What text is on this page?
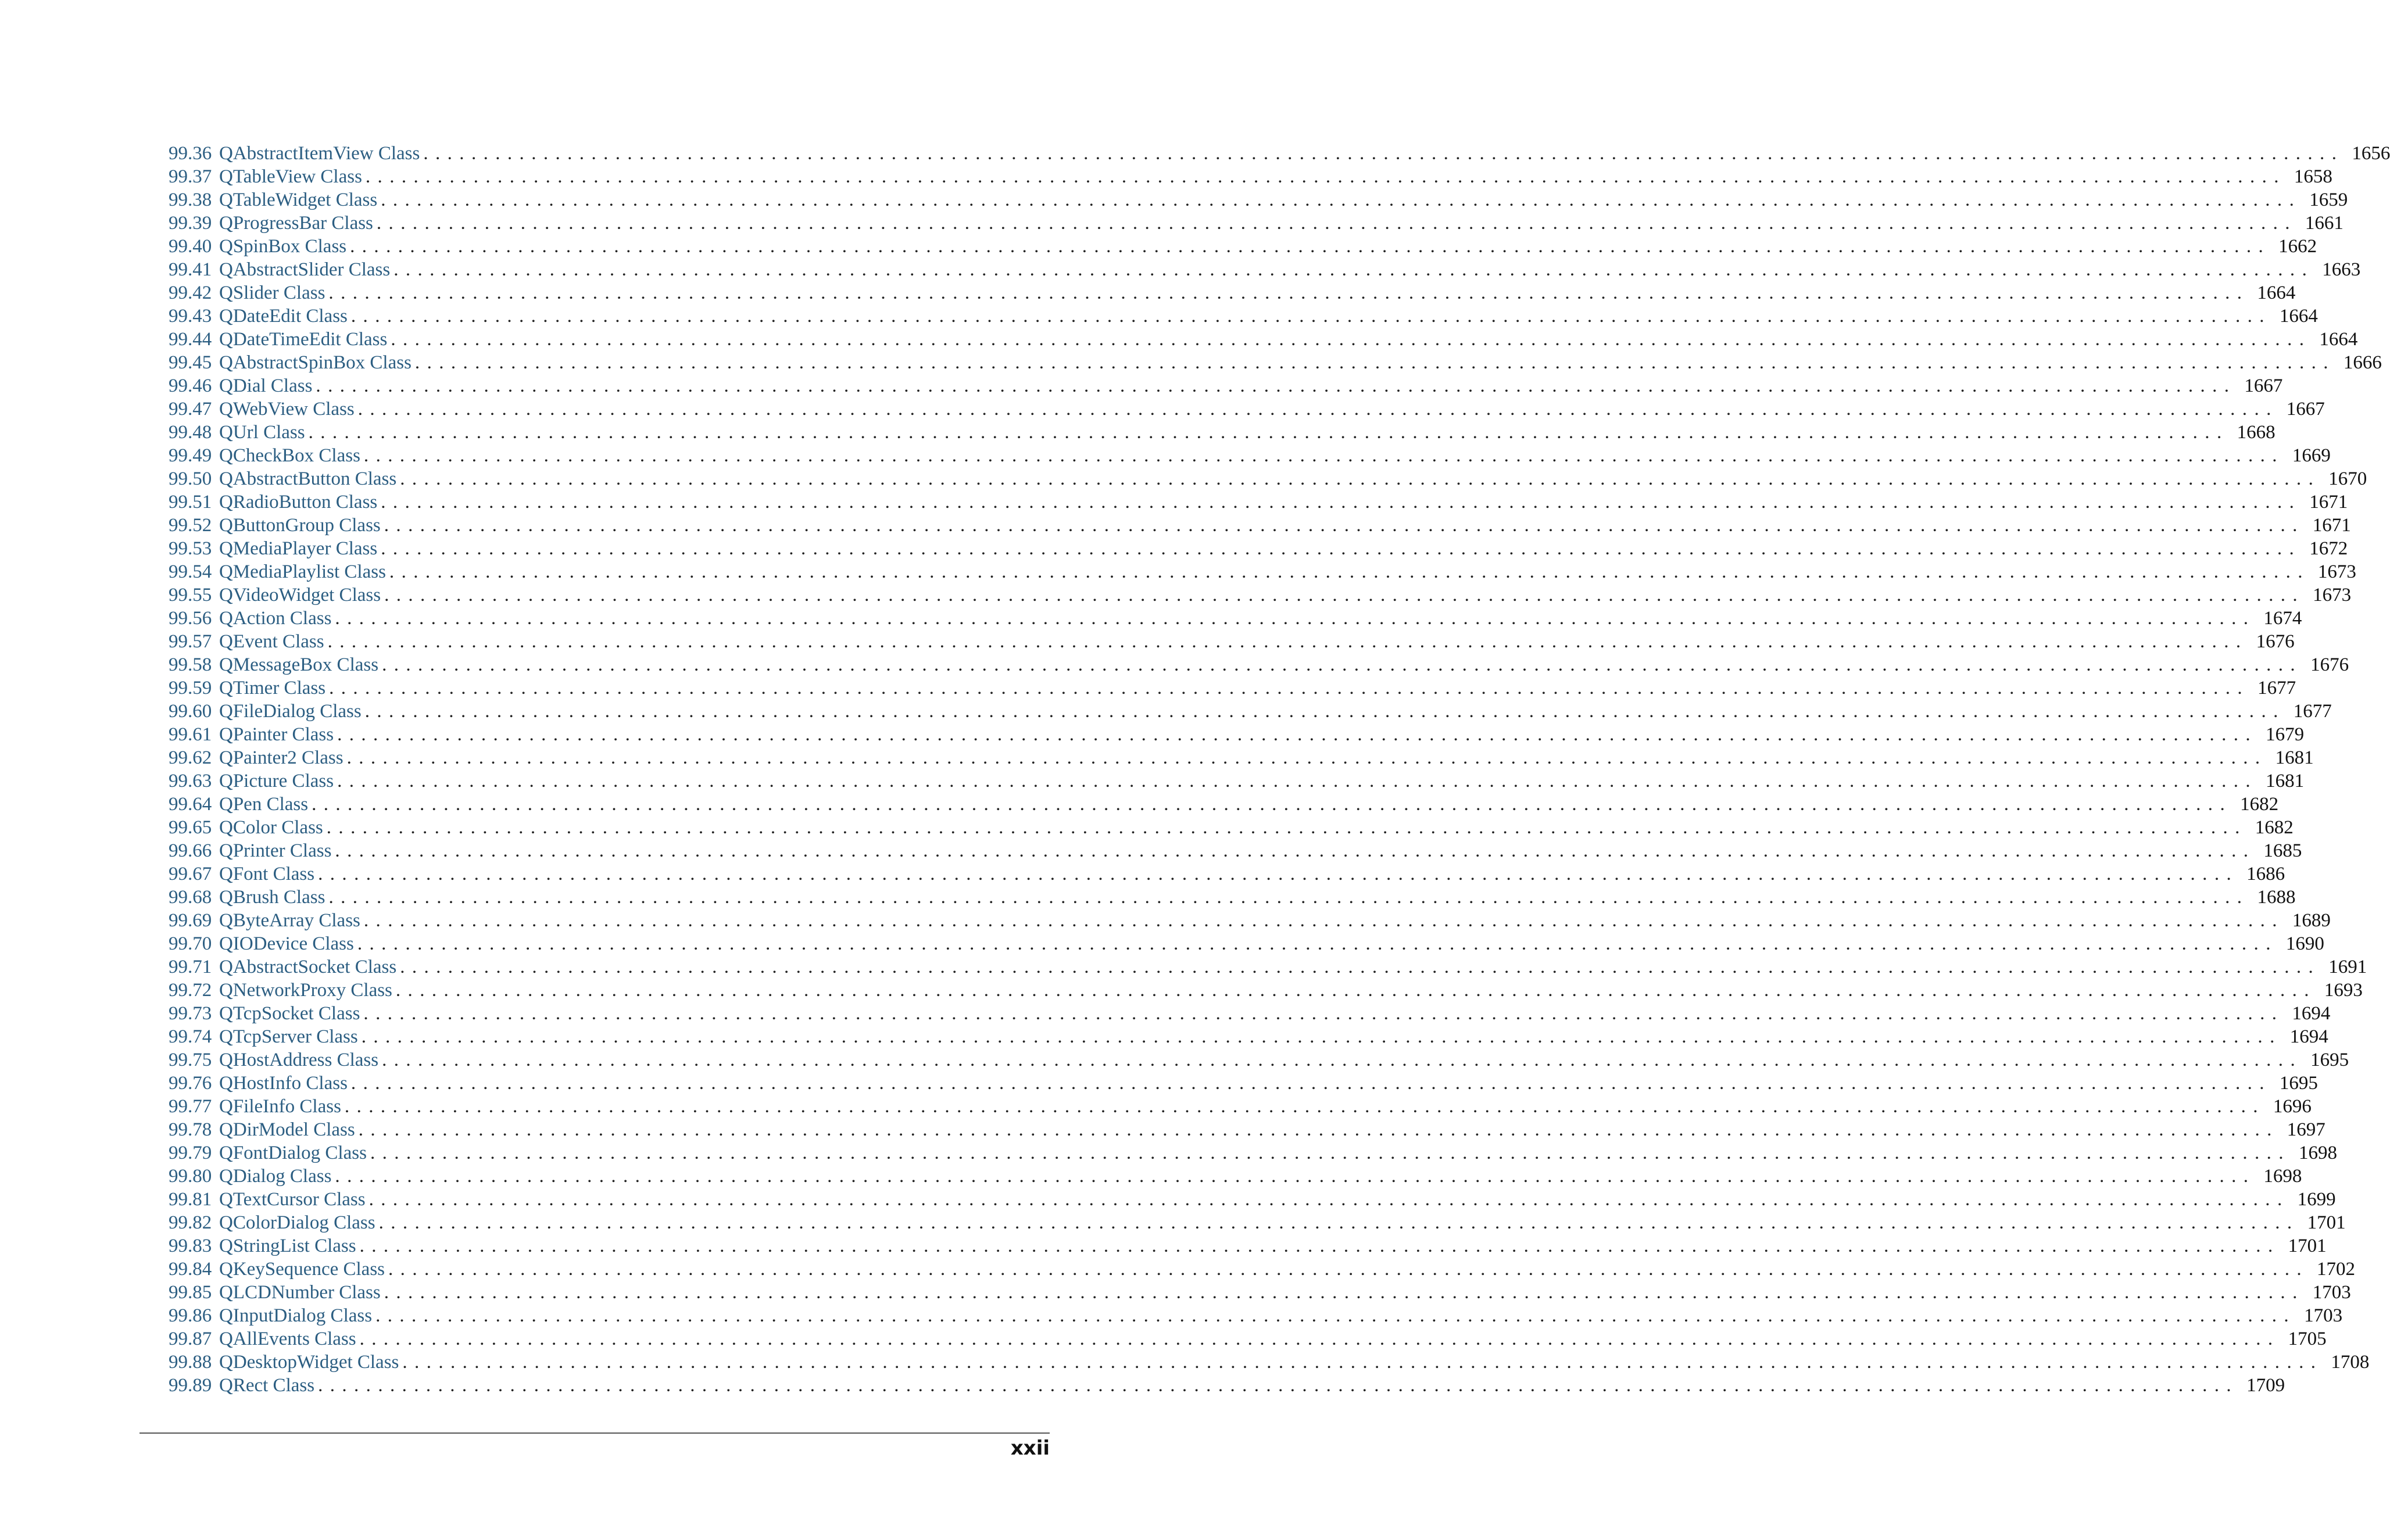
99.36 QAbstractItemView Class ................................................................................................................................................................ 1656
99.37 QTableView Class ................................................................................................................................................................ 1658
99.38 QTableWidget Class ................................................................................................................................................................ 1659
99.39 QProgressBar Class ................................................................................................................................................................ 1661
99.40 QSpinBox Class ................................................................................................................................................................ 1662
99.41 QAbstractSlider Class ................................................................................................................................................................ 1663
99.42 QSlider Class ................................................................................................................................................................ 1664
99.43 QDateEdit Class ................................................................................................................................................................ 1664
99.44 QDateTimeEdit Class ................................................................................................................................................................ 1664
99.45 QAbstractSpinBox Class ................................................................................................................................................................ 1666
99.46 QDial Class ................................................................................................................................................................ 1667
99.47 QWebView Class ................................................................................................................................................................ 1667
99.48 QUrl Class ................................................................................................................................................................ 1668
99.49 QCheckBox Class ................................................................................................................................................................ 1669
99.50 QAbstractButton Class ................................................................................................................................................................ 1670
99.51 QRadioButton Class ................................................................................................................................................................ 1671
99.52 QButtonGroup Class ................................................................................................................................................................ 1671
99.53 QMediaPlayer Class ................................................................................................................................................................ 1672
99.54 QMediaPlaylist Class ................................................................................................................................................................ 1673
99.55 QVideoWidget Class ................................................................................................................................................................ 1673
99.56 QAction Class ................................................................................................................................................................ 1674
99.57 QEvent Class ................................................................................................................................................................ 1676
99.58 QMessageBox Class ................................................................................................................................................................ 1676
99.59 QTimer Class ................................................................................................................................................................ 1677
99.60 QFileDialog Class ................................................................................................................................................................ 1677
99.61 QPainter Class ................................................................................................................................................................ 1679
99.62 QPainter2 Class ................................................................................................................................................................ 1681
99.63 QPicture Class ................................................................................................................................................................ 1681
99.64 QPen Class ................................................................................................................................................................ 1682
99.65 QColor Class ................................................................................................................................................................ 1682
99.66 QPrinter Class ................................................................................................................................................................ 1685
99.67 QFont Class ................................................................................................................................................................ 1686
99.68 QBrush Class ................................................................................................................................................................ 1688
99.69 QByteArray Class ................................................................................................................................................................ 1689
99.70 QIODevice Class ................................................................................................................................................................ 1690
99.71 QAbstractSocket Class ................................................................................................................................................................ 1691
99.72 QNetworkProxy Class ................................................................................................................................................................ 1693
99.73 QTcpSocket Class ................................................................................................................................................................ 1694
99.74 QTcpServer Class ................................................................................................................................................................ 1694
99.75 QHostAddress Class ................................................................................................................................................................ 1695
99.76 QHostInfo Class ................................................................................................................................................................ 1695
99.77 QFileInfo Class ................................................................................................................................................................ 1696
99.78 QDirModel Class ................................................................................................................................................................ 1697
99.79 QFontDialog Class ................................................................................................................................................................ 1698
99.80 QDialog Class ................................................................................................................................................................ 1698
99.81 QTextCursor Class ................................................................................................................................................................ 1699
99.82 QColorDialog Class ................................................................................................................................................................ 1701
99.83 QStringList Class ................................................................................................................................................................ 1701
99.84 QKeySequence Class ................................................................................................................................................................ 1702
99.85 QLCDNumber Class ................................................................................................................................................................ 1703
99.86 QInputDialog Class ................................................................................................................................................................ 1703
99.87 QAllEvents Class ................................................................................................................................................................ 1705
99.88 QDesktopWidget Class ................................................................................................................................................................ 1708
99.89 QRect Class ................................................................................................................................................................ 1709
xxii
